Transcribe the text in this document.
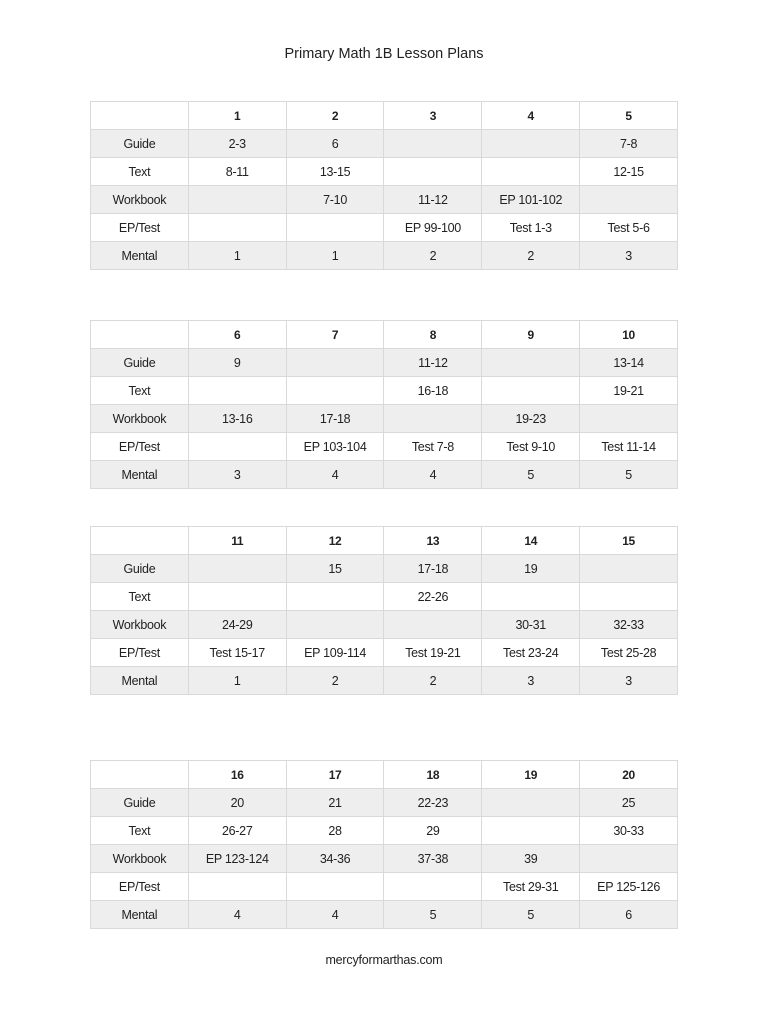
Primary Math 1B Lesson Plans
	1	2	3	4	5
Guide	2-3	6			7-8
Text	8-11	13-15			12-15
Workbook		7-10	11-12	EP 101-102	
EP/Test			EP 99-100	Test 1-3	Test 5-6
Mental	1	1	2	2	3
	6	7	8	9	10
Guide	9		11-12		13-14
Text			16-18		19-21
Workbook	13-16	17-18		19-23	
EP/Test		EP 103-104	Test 7-8	Test 9-10	Test 11-14
Mental	3	4	4	5	5
	11	12	13	14	15
Guide		15	17-18	19	
Text			22-26		
Workbook	24-29			30-31	32-33
EP/Test	Test 15-17	EP 109-114	Test 19-21	Test 23-24	Test 25-28
Mental	1	2	2	3	3
	16	17	18	19	20
Guide	20	21	22-23		25
Text	26-27	28	29		30-33
Workbook	EP 123-124	34-36	37-38	39	
EP/Test				Test 29-31	EP 125-126
Mental	4	4	5	5	6
mercyformarthas.com
